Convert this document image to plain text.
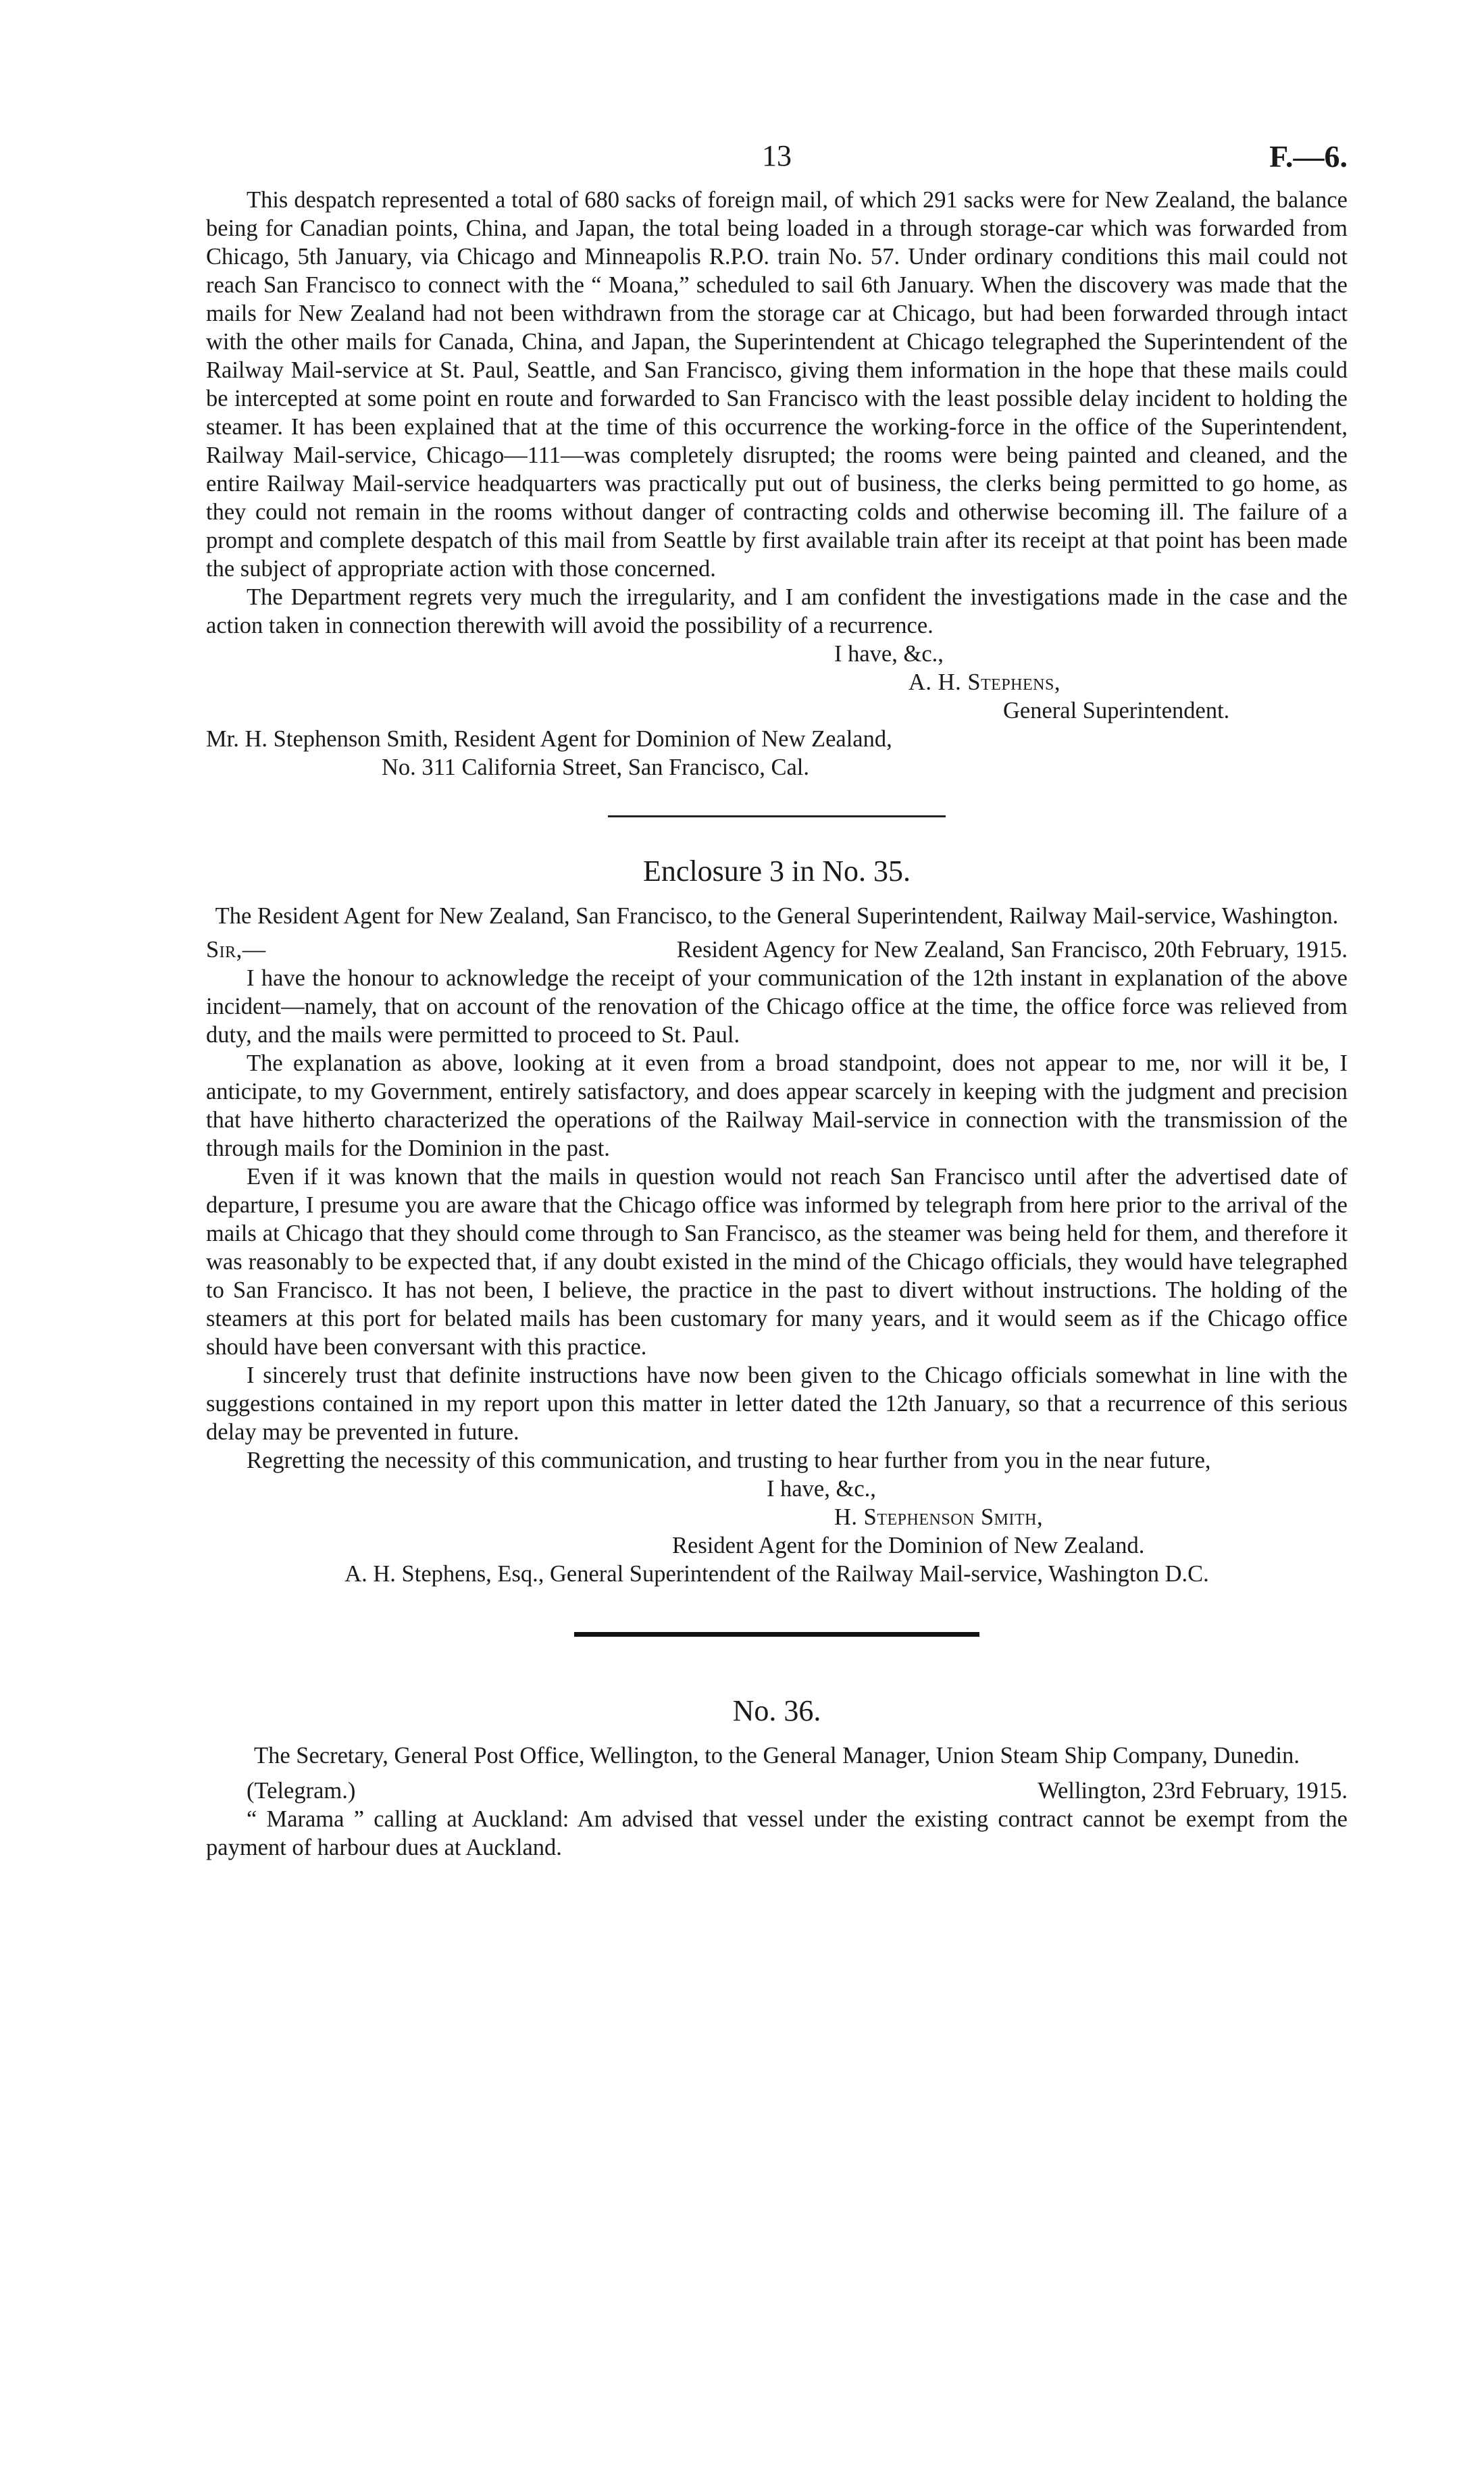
13	F.—6.

This despatch represented a total of 680 sacks of foreign mail, of which 291 sacks were for New Zealand, the balance being for Canadian points, China, and Japan, the total being loaded in a through storage-car which was forwarded from Chicago, 5th January, via Chicago and Minneapolis R.P.O. train No. 57. Under ordinary conditions this mail could not reach San Francisco to connect with the “ Moana,” scheduled to sail 6th January. When the discovery was made that the mails for New Zealand had not been withdrawn from the storage car at Chicago, but had been forwarded through intact with the other mails for Canada, China, and Japan, the Superintendent at Chicago telegraphed the Superintendent of the Railway Mail-service at St. Paul, Seattle, and San Francisco, giving them information in the hope that these mails could be intercepted at some point en route and forwarded to San Francisco with the least possible delay incident to holding the steamer. It has been explained that at the time of this occurrence the working-force in the office of the Superintendent, Railway Mail-service, Chicago—111—was completely disrupted; the rooms were being painted and cleaned, and the entire Railway Mail-service headquarters was practically put out of business, the clerks being permitted to go home, as they could not remain in the rooms without danger of contracting colds and otherwise becoming ill. The failure of a prompt and complete despatch of this mail from Seattle by first available train after its receipt at that point has been made the subject of appropriate action with those concerned.

The Department regrets very much the irregularity, and I am confident the investigations made in the case and the action taken in connection therewith will avoid the possibility of a recurrence.

I have, &c.,
A. H. Stephens,
General Superintendent.

Mr. H. Stephenson Smith, Resident Agent for Dominion of New Zealand,

No. 311 California Street, San Francisco, Cal.

Enclosure 3 in No. 35.

The Resident Agent for New Zealand, San Francisco, to the General Superintendent, Railway Mail-service, Washington.

Sir,—	Resident Agency for New Zealand, San Francisco, 20th February, 1915.

I have the honour to acknowledge the receipt of your communication of the 12th instant in explanation of the above incident—namely, that on account of the renovation of the Chicago office at the time, the office force was relieved from duty, and the mails were permitted to proceed to St. Paul.

The explanation as above, looking at it even from a broad standpoint, does not appear to me, nor will it be, I anticipate, to my Government, entirely satisfactory, and does appear scarcely in keeping with the judgment and precision that have hitherto characterized the operations of the Railway Mail-service in connection with the transmission of the through mails for the Dominion in the past.

Even if it was known that the mails in question would not reach San Francisco until after the advertised date of departure, I presume you are aware that the Chicago office was informed by telegraph from here prior to the arrival of the mails at Chicago that they should come through to San Francisco, as the steamer was being held for them, and therefore it was reasonably to be expected that, if any doubt existed in the mind of the Chicago officials, they would have telegraphed to San Francisco. It has not been, I believe, the practice in the past to divert without instructions. The holding of the steamers at this port for belated mails has been customary for many years, and it would seem as if the Chicago office should have been conversant with this practice.

I sincerely trust that definite instructions have now been given to the Chicago officials somewhat in line with the suggestions contained in my report upon this matter in letter dated the 12th January, so that a recurrence of this serious delay may be prevented in future.

Regretting the necessity of this communication, and trusting to hear further from you in the near future,

I have, &c.,
H. Stephenson Smith,
Resident Agent for the Dominion of New Zealand.
A. H. Stephens, Esq., General Superintendent of the Railway Mail-service, Washington D.C.
No. 36.

The Secretary, General Post Office, Wellington, to the General Manager, Union Steam Ship Company, Dunedin.

(Telegram.)	Wellington, 23rd February, 1915.

“ Marama ” calling at Auckland: Am advised that vessel under the existing contract cannot be exempt from the payment of harbour dues at Auckland.
